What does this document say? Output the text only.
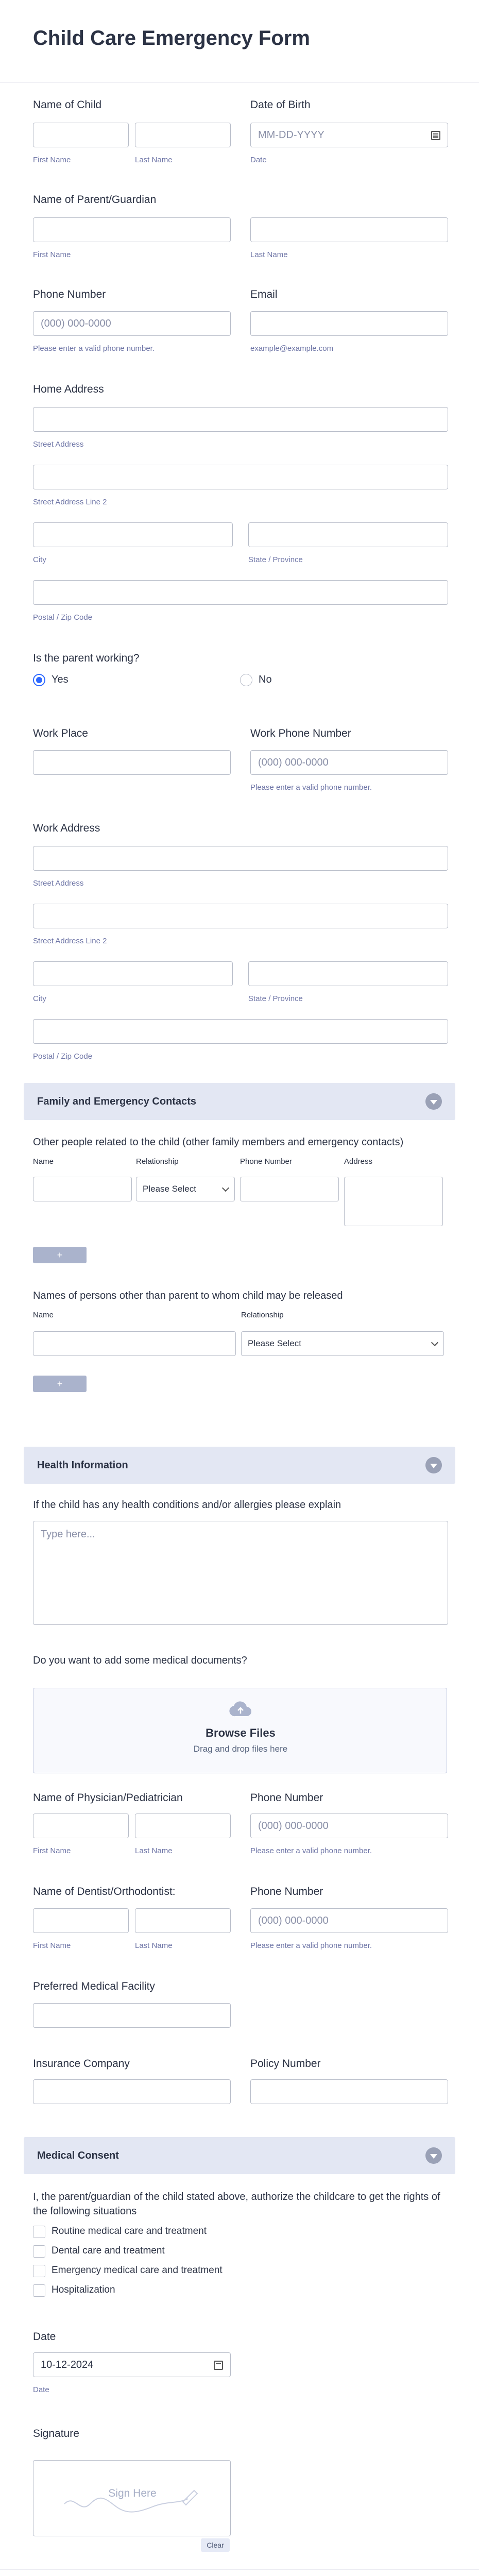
Child Care Emergency Form
Name of Child
First Name	Last Name
Date of Birth
MM-DD-YYYY
Date
Name of Parent/Guardian
First Name	Last Name
Phone Number
(000) 000-0000
Please enter a valid phone number.
Email
example@example.com
Home Address
Street Address
Street Address Line 2
City	State / Province
Postal / Zip Code
Is the parent working?
Yes	No
Work Place	Work Phone Number
(000) 000-0000
Please enter a valid phone number.
Work Address
Street Address
Street Address Line 2
City	State / Province
Postal / Zip Code
Family and Emergency Contacts
Other people related to the child (other family members and emergency contacts)
Name	Relationship	Phone Number	Address
Please Select
+
Names of persons other than parent to whom child may be released
Name	Relationship
Please Select
+
Health Information
If the child has any health conditions and/or allergies please explain
Type here...
Do you want to add some medical documents?
Browse Files
Drag and drop files here
Name of Physician/Pediatrician
First Name	Last Name
Phone Number
(000) 000-0000
Please enter a valid phone number.
Name of Dentist/Orthodontist:
First Name	Last Name
Phone Number
(000) 000-0000
Please enter a valid phone number.
Preferred Medical Facility
Insurance Company	Policy Number
Medical Consent
I, the parent/guardian of the child stated above, authorize the childcare to get the rights of the following situations
Routine medical care and treatment
Dental care and treatment
Emergency medical care and treatment
Hospitalization
Date
10-12-2024
Date
Signature
Sign Here
Clear
